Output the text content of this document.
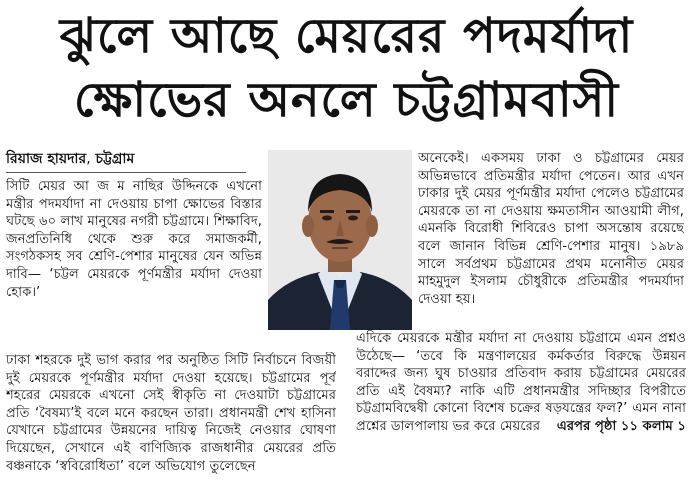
ঝুলে আছে মেয়রের পদমর্যাদা
ক্ষোভের অনলে চট্টগ্রামবাসী
রিয়াজ হায়দার, চট্টগ্রাম

সিটি মেয়র আ জ ম নাছির উদ্দিনকে এখনো মন্ত্রীর পদমর্যাদা না দেওয়ায় চাপা ক্ষোভের বিস্তার ঘটছে ৬০ লাখ মানুষের নগরী চট্টগ্রামে। শিক্ষাবিদ, জনপ্রতিনিধি থেকে শুরু করে সমাজকর্মী, সংগঠকসহ সব শ্রেণি-পেশার মানুষের যেন অভিন্ন দাবি— ‘চট্টল মেয়রকে পূর্ণমন্ত্রীর মর্যাদা দেওয়া হোক।’

অনেকেই। একসময় ঢাকা ও চট্টগ্রামের মেয়র অভিন্নভাবে প্রতিমন্ত্রীর মর্যাদা পেতেন। আর এখন ঢাকার দুই মেয়র পূর্ণমন্ত্রীর মর্যাদা পেলেও চট্টগ্রামের মেয়রকে তা না দেওয়ায় ক্ষমতাসীন আওয়ামী লীগ, এমনকি বিরোধী শিবিরেও চাপা অসন্তোষ রয়েছে বলে জানান বিভিন্ন শ্রেণি-পেশার মানুষ। ১৯৮৯ সালে সর্বপ্রথম চট্টগ্রামের প্রথম মনোনীত মেয়র মাহমুদুল ইসলাম চৌধুরীকে প্রতিমন্ত্রীর পদমর্যাদা দেওয়া হয়।

ঢাকা শহরকে দুই ভাগ করার পর অনুষ্ঠিত সিটি নির্বাচনে বিজয়ী দুই মেয়রকে পূর্ণমন্ত্রীর মর্যাদা দেওয়া হয়েছে। চট্টগ্রামের পূর্ব শহরের মেয়রকে এখনো সেই স্বীকৃতি না দেওয়াটা চট্টগ্রামের প্রতি ‘বৈষম্য’ই বলে মনে করছেন তারা। প্রধানমন্ত্রী শেখ হাসিনা যেখানে চট্টগ্রামের উন্নয়নের দায়িত্ব নিজেই নেওয়ার ঘোষণা দিয়েছেন, সেখানে এই বাণিজ্যিক রাজধানীর মেয়রের প্রতি বঞ্চনাকে ‘স্ববিরোধিতা’ বলে অভিযোগ তুলেছেন

এদিকে মেয়রকে মন্ত্রীর মর্যাদা না দেওয়ায় চট্টগ্রামে এমন প্রশ্নও উঠেছে— ‘তবে কি মন্ত্রণালয়ের কর্মকর্তার বিরুদ্ধে উন্নয়ন বরাদ্দের জন্য ঘুষ চাওয়ার প্রতিবাদ করায় চট্টগ্রামের মেয়রের প্রতি এই বৈষম্য? নাকি এটি প্রধানমন্ত্রীর সদিচ্ছার বিপরীতে চট্টগ্রামবিদ্বেষী কোনো বিশেষ চক্রের ষড়যন্ত্রের ফল?’ এমন নানা প্রশ্নের ডালপালায় ভর করে মেয়রের এরপর পৃষ্ঠা ১১ কলাম ১
